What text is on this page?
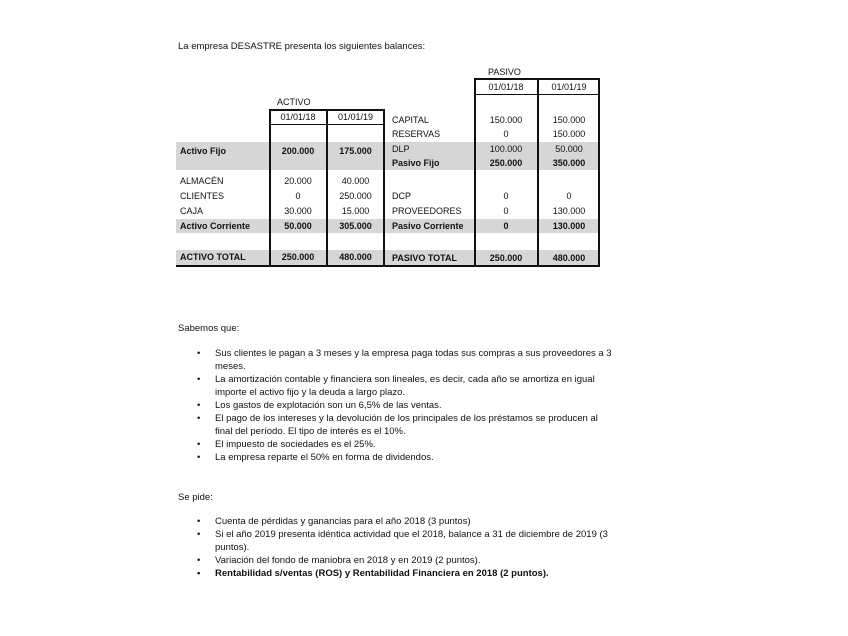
La empresa DESASTRE presenta los siguientes balances:
ACTIVO
PASIVO
01/01/18	01/01/19
01/01/18	01/01/19
Activo Fijo	200.000	175.000
ALMACÉN	20.000	40.000
CLIENTES	0	250.000
CAJA	30.000	15.000
Activo Corriente	50.000	305.000
ACTIVO TOTAL	250.000	480.000
CAPITAL	150.000	150.000
RESERVAS	0	150.000
DLP	100.000	50.000
Pasivo Fijo	250.000	350.000
DCP	0	0
PROVEEDORES	0	130.000
Pasivo Corriente	0	130.000
PASIVO TOTAL	250.000	480.000
Sabemos que:
• Sus clientes le pagan a 3 meses y la empresa paga todas sus compras a sus proveedores a 3 meses.
• La amortización contable y financiera son lineales, es decir, cada año se amortiza en igual importe el activo fijo y la deuda a largo plazo.
• Los gastos de explotación son un 6,5% de las ventas.
• El pago de los intereses y la devolución de los principales de los préstamos se producen al final del período. El tipo de interés es el 10%.
• El impuesto de sociedades es el 25%.
• La empresa reparte el 50% en forma de dividendos.
Se pide:
• Cuenta de pérdidas y ganancias para el año 2018 (3 puntos)
• Si el año 2019 presenta idéntica actividad que el 2018, balance a 31 de diciembre de 2019 (3 puntos).
• Variación del fondo de maniobra en 2018 y en 2019 (2 puntos).
• Rentabilidad s/ventas (ROS) y Rentabilidad Financiera en 2018 (2 puntos).
